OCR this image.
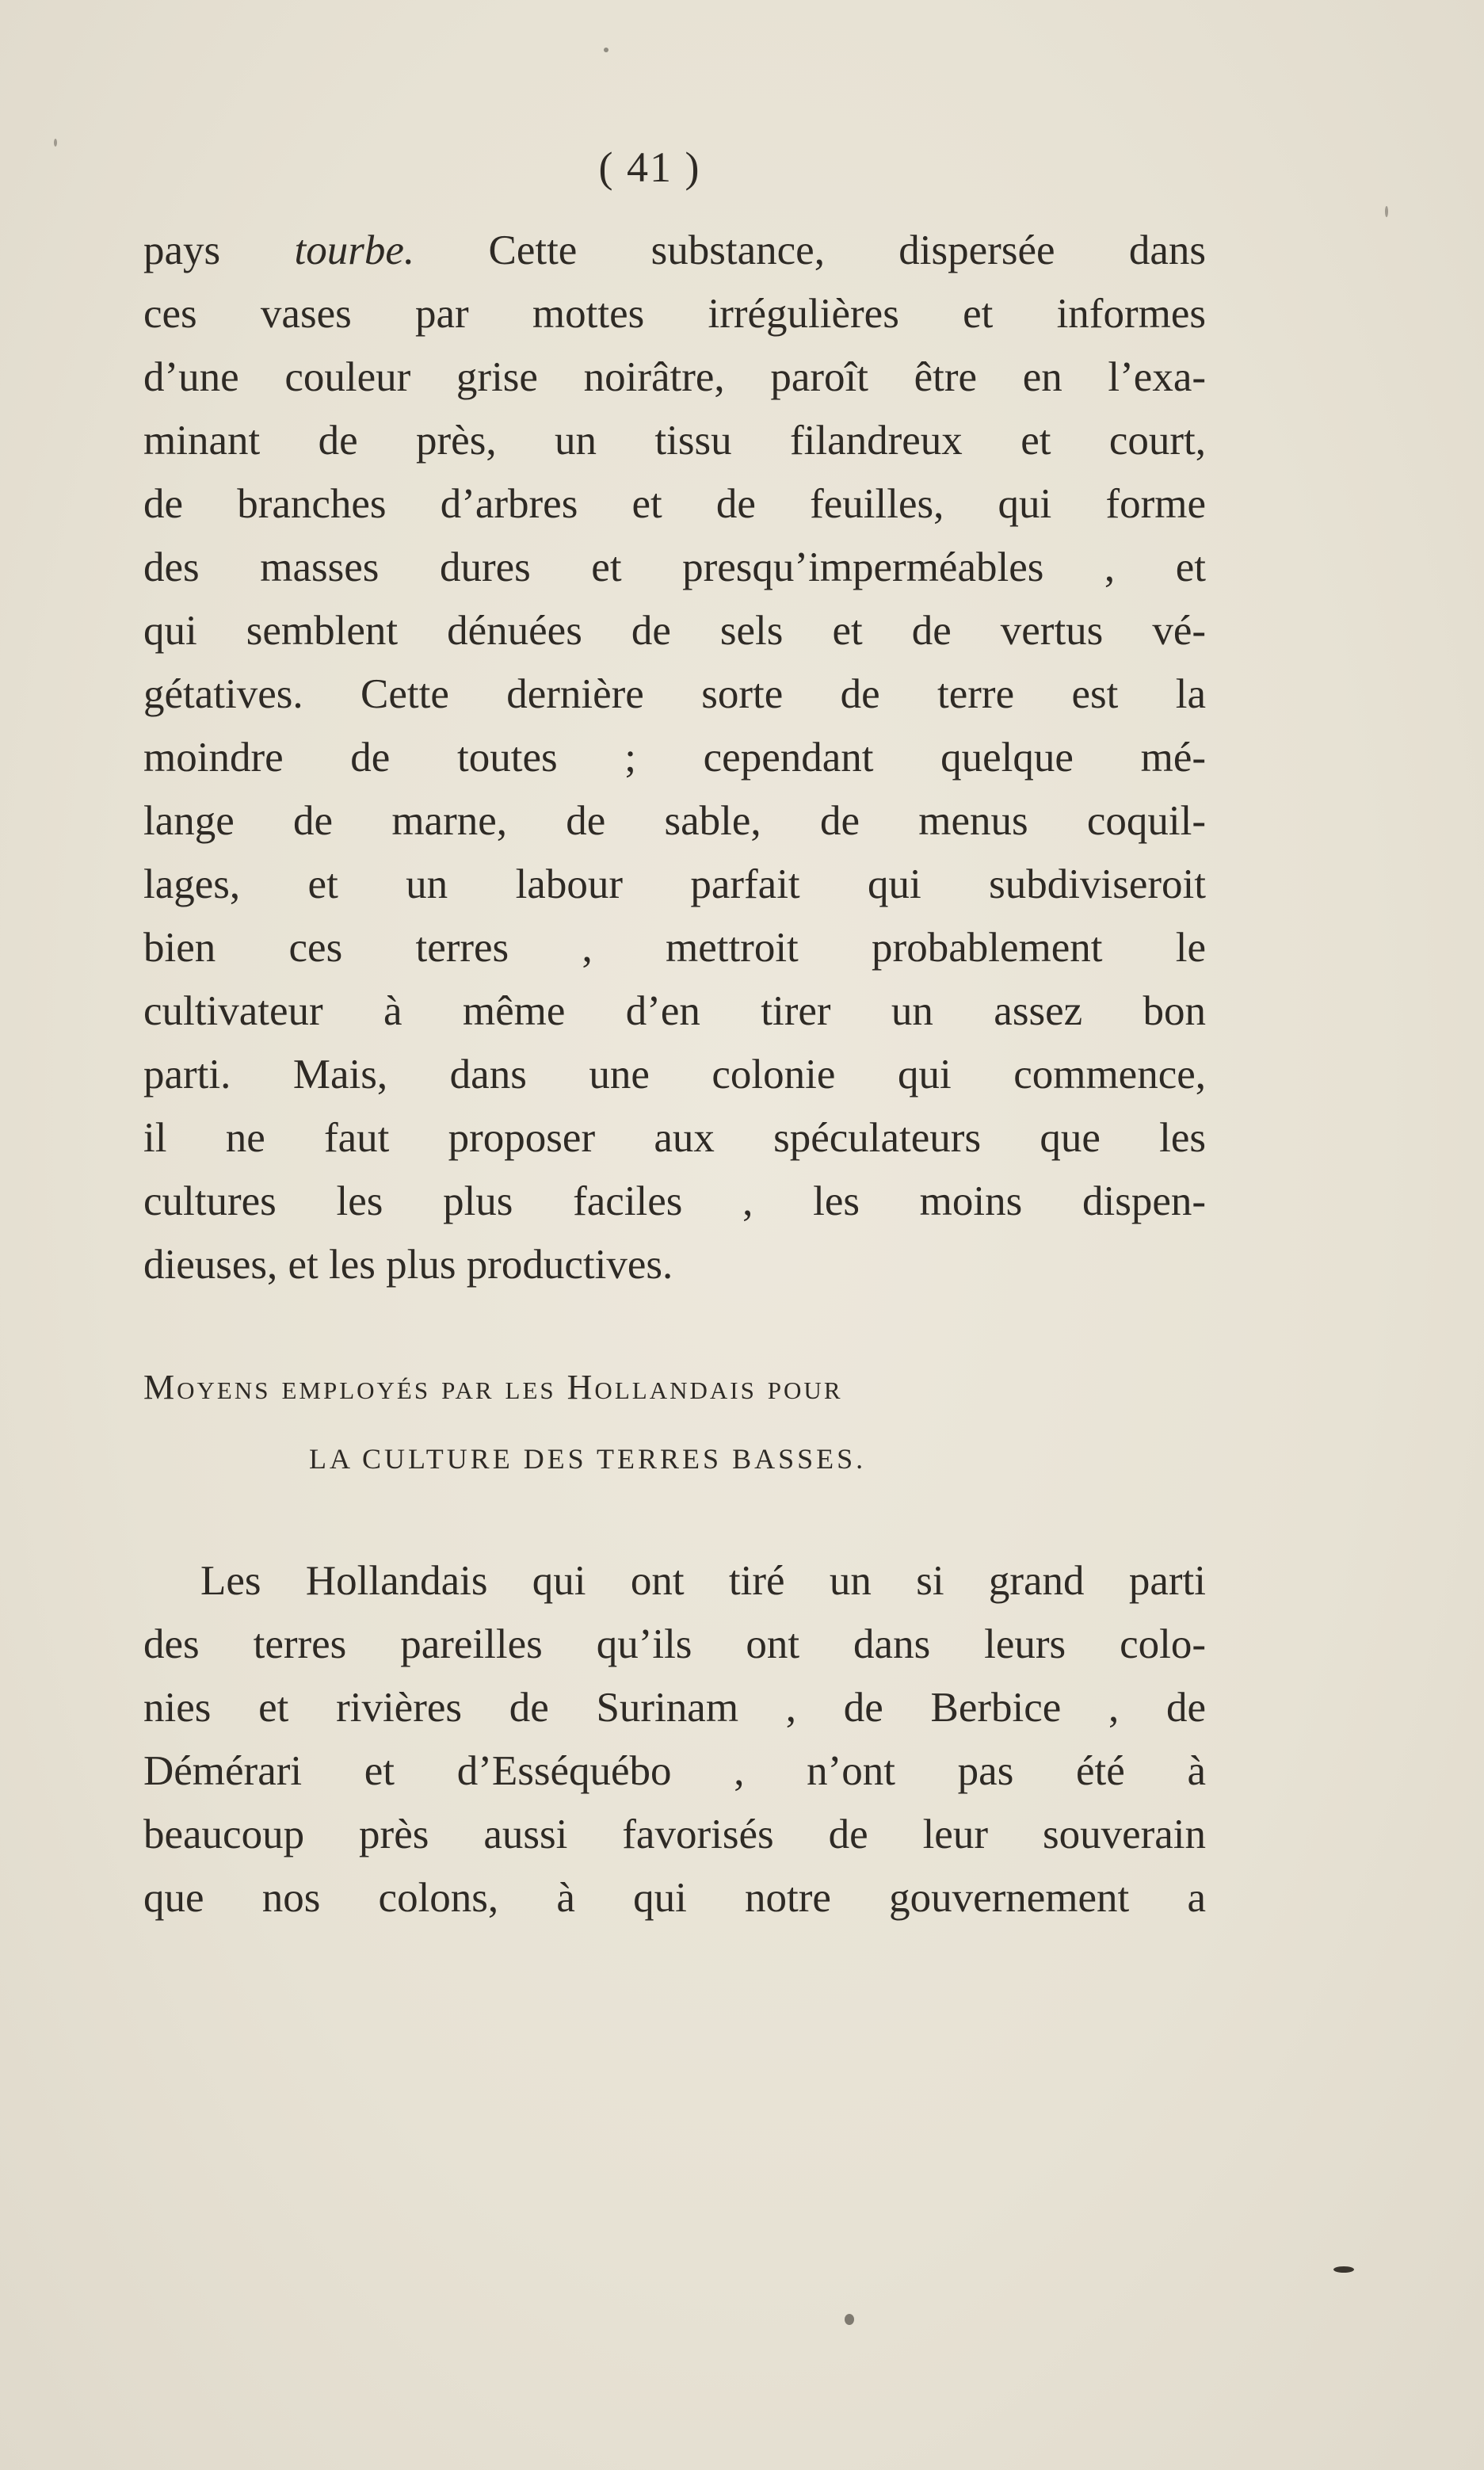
( 41 )
pays tourbe. Cette substance, dispersée dans
ces vases par mottes irrégulières et informes
d’une couleur grise noirâtre, paroît être en l’exa-
minant de près, un tissu filandreux et court,
de branches d’arbres et de feuilles, qui forme
des masses dures et presqu’imperméables , et
qui semblent dénuées de sels et de vertus vé-
gétatives. Cette dernière sorte de terre est la
moindre de toutes ; cependant quelque mé-
lange de marne, de sable, de menus coquil-
lages, et un labour parfait qui subdiviseroit
bien ces terres , mettroit probablement le
cultivateur à même d’en tirer un assez bon
parti. Mais, dans une colonie qui commence,
il ne faut proposer aux spéculateurs que les
cultures les plus faciles , les moins dispen-
dieuses, et les plus productives.
Moyens employés par les Hollandais pour
LA CULTURE DES TERRES BASSES.
Les Hollandais qui ont tiré un si grand parti
des terres pareilles qu’ils ont dans leurs colo-
nies et rivières de Surinam , de Berbice , de
Démérari et d’Esséquébo , n’ont pas été à
beaucoup près aussi favorisés de leur souverain
que nos colons, à qui notre gouvernement a
